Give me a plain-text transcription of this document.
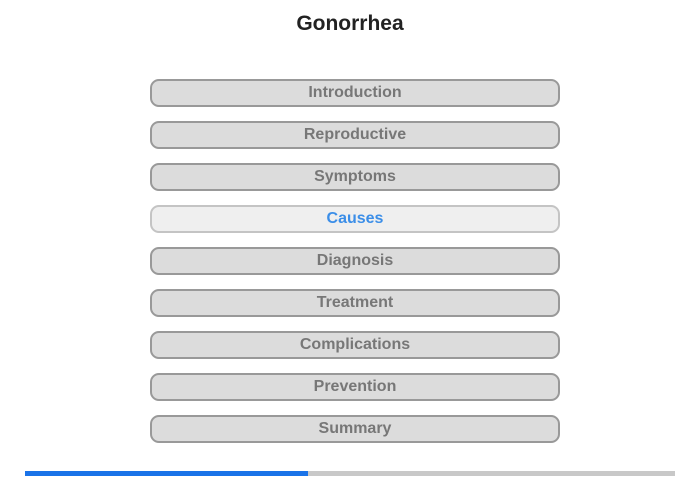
Gonorrhea
Introduction
Reproductive
Symptoms
Causes
Diagnosis
Treatment
Complications
Prevention
Summary
